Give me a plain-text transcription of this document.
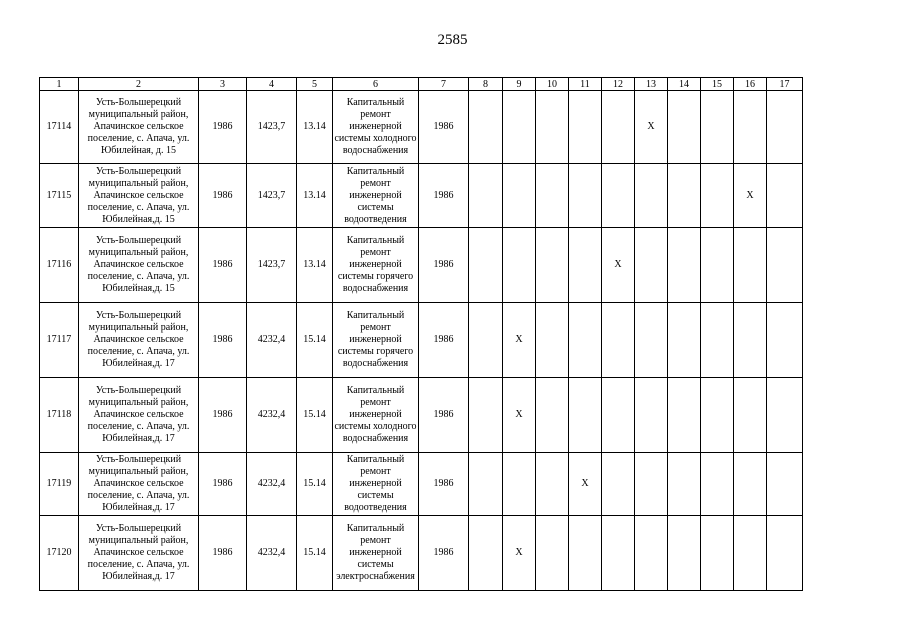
2585
1	2	3	4	5	6	7	8	9	10	11	12	13	14	15	16	17
17114	Усть-Большерецкий муниципальный район, Апачинское сельское поселение, с. Апача, ул. Юбилейная, д. 15	1986	1423,7	13.14	Капитальный ремонт инженерной системы холодного водоснабжения	1986						Х				
17115	Усть-Большерецкий муниципальный район, Апачинское сельское поселение, с. Апача, ул. Юбилейная,д. 15	1986	1423,7	13.14	Капитальный ремонт инженерной системы водоотведения	1986									Х	
17116	Усть-Большерецкий муниципальный район, Апачинское сельское поселение, с. Апача, ул. Юбилейная,д. 15	1986	1423,7	13.14	Капитальный ремонт инженерной системы горячего водоснабжения	1986					Х					
17117	Усть-Большерецкий муниципальный район, Апачинское сельское поселение, с. Апача, ул. Юбилейная,д. 17	1986	4232,4	15.14	Капитальный ремонт инженерной системы горячего водоснабжения	1986		Х								
17118	Усть-Большерецкий муниципальный район, Апачинское сельское поселение, с. Апача, ул. Юбилейная,д. 17	1986	4232,4	15.14	Капитальный ремонт инженерной системы холодного водоснабжения	1986		Х								
17119	Усть-Большерецкий муниципальный район, Апачинское сельское поселение, с. Апача, ул. Юбилейная,д. 17	1986	4232,4	15.14	Капитальный ремонт инженерной системы водоотведения	1986				Х						
17120	Усть-Большерецкий муниципальный район, Апачинское сельское поселение, с. Апача, ул. Юбилейная,д. 17	1986	4232,4	15.14	Капитальный ремонт инженерной системы электроснабжения	1986		Х								
